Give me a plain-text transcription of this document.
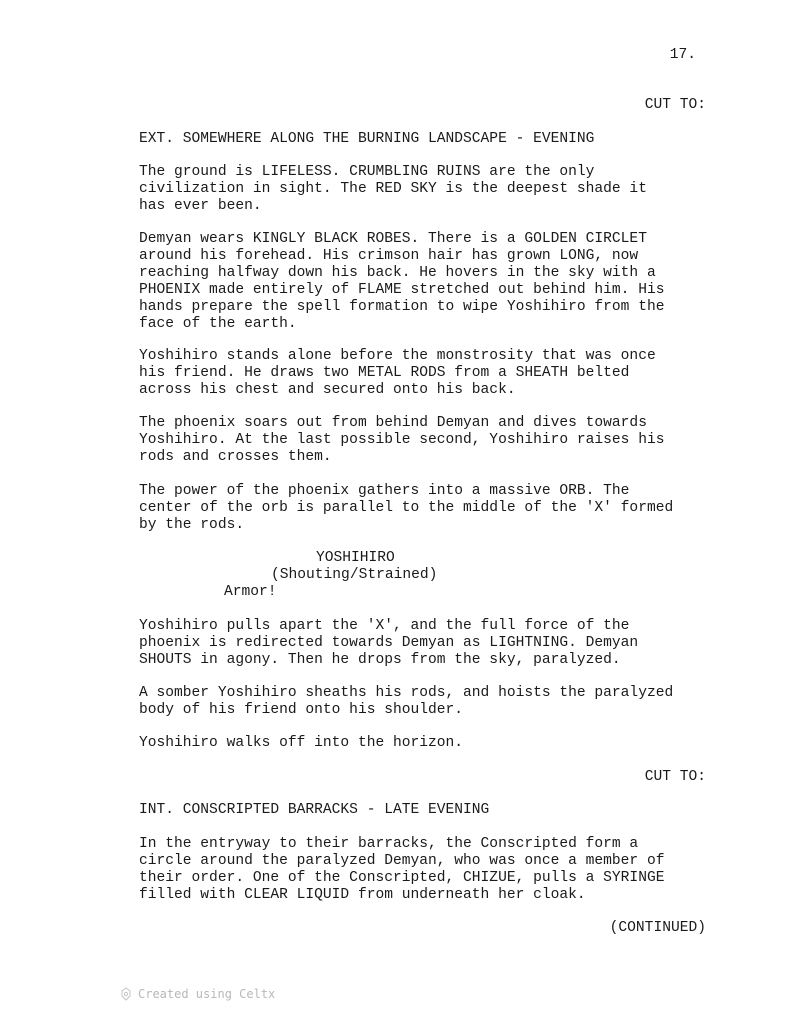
17.
CUT TO:
EXT. SOMEWHERE ALONG THE BURNING LANDSCAPE - EVENING
The ground is LIFELESS. CRUMBLING RUINS are the only
civilization in sight. The RED SKY is the deepest shade it
has ever been.
Demyan wears KINGLY BLACK ROBES. There is a GOLDEN CIRCLET
around his forehead. His crimson hair has grown LONG, now
reaching halfway down his back. He hovers in the sky with a
PHOENIX made entirely of FLAME stretched out behind him. His
hands prepare the spell formation to wipe Yoshihiro from the
face of the earth.
Yoshihiro stands alone before the monstrosity that was once
his friend. He draws two METAL RODS from a SHEATH belted
across his chest and secured onto his back.
The phoenix soars out from behind Demyan and dives towards
Yoshihiro. At the last possible second, Yoshihiro raises his
rods and crosses them.
The power of the phoenix gathers into a massive ORB. The
center of the orb is parallel to the middle of the 'X' formed
by the rods.
YOSHIHIRO
(Shouting/Strained)
Armor!
Yoshihiro pulls apart the 'X', and the full force of the
phoenix is redirected towards Demyan as LIGHTNING. Demyan
SHOUTS in agony. Then he drops from the sky, paralyzed.
A somber Yoshihiro sheaths his rods, and hoists the paralyzed
body of his friend onto his shoulder.
Yoshihiro walks off into the horizon.
CUT TO:
INT. CONSCRIPTED BARRACKS - LATE EVENING
In the entryway to their barracks, the Conscripted form a
circle around the paralyzed Demyan, who was once a member of
their order. One of the Conscripted, CHIZUE, pulls a SYRINGE
filled with CLEAR LIQUID from underneath her cloak.
(CONTINUED)
Created using Celtx
